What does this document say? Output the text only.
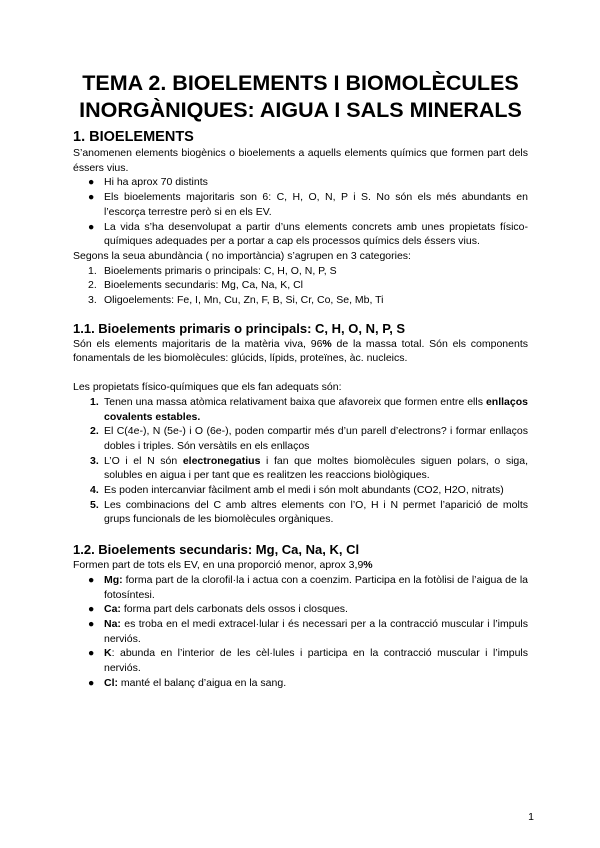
TEMA 2. BIOELEMENTS I BIOMOLÈCULES INORGÀNIQUES: AIGUA I SALS MINERALS
1. BIOELEMENTS

S’anomenen elements biogènics o bioelements a aquells elements químics que formen part dels éssers vius.

● Hi ha aprox 70 distints
● Els bioelements majoritaris son 6: C, H, O, N, P i S. No són els més abundants en l’escorça terrestre però si en els EV.
● La vida s’ha desenvolupat a partir d’uns elements concrets amb unes propietats físico-químiques adequades per a portar a cap els processos químics dels éssers vius.

Segons la seua abundància ( no importància) s’agrupen en 3 categories:

1. Bioelements primaris o principals: C, H, O, N, P, S
2. Bioelements secundaris: Mg, Ca, Na, K, Cl
3. Oligoelements: Fe, I, Mn, Cu, Zn, F, B, Si, Cr, Co, Se, Mb, Ti
1.1. Bioelements primaris o principals: C, H, O, N, P, S

Són els elements majoritaris de la matèria viva, 96% de la massa total. Són els components fonamentals de les biomolècules: glúcids, lípids, proteïnes, àc. nucleics.

Les propietats físico-químiques que els fan adequats són:

1. Tenen una massa atòmica relativament baixa que afavoreix que formen entre ells enllaços covalents estables.
2. El C(4e-), N (5e-) i O (6e-), poden compartir més d’un parell d’electrons? i formar enllaços dobles i triples. Són versàtils en els enllaços
3. L’O i el N són electronegatius i fan que moltes biomolècules siguen polars, o siga, solubles en aigua i per tant que es realitzen les reaccions biològiques.
4. Es poden intercanviar fàcilment amb el medi i són molt abundants (CO2, H2O, nitrats)
5. Les combinacions del C amb altres elements con l’O, H i N permet l’aparició de molts grups funcionals de les biomolècules orgàniques.
1.2. Bioelements secundaris: Mg, Ca, Na, K, Cl

Formen part de tots els EV, en una proporció menor, aprox 3,9%

● Mg: forma part de la clorofil·la i actua con a coenzim. Participa en la fotòlisi de l’aigua de la fotosíntesi.
● Ca: forma part dels carbonats dels ossos i closques.
● Na: es troba en el medi extracel·lular i és necessari per a la contracció muscular i l’impuls nerviós.
● K: abunda en l’interior de les cèl·lules i participa en la contracció muscular i l’impuls nerviós.
● Cl: manté el balanç d’aigua en la sang.
1
